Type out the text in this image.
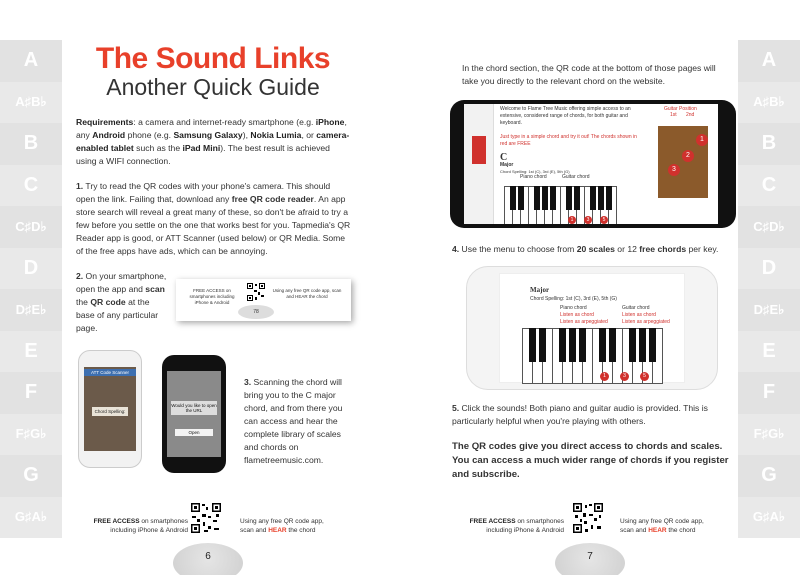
A
A♯B♭
B
C
C♯D♭
D
D♯E♭
E
F
F♯G♭
G
G♯A♭
A
A♯B♭
B
C
C♯D♭
D
D♯E♭
E
F
F♯G♭
G
G♯A♭
The Sound Links
Another Quick Guide
Requirements: a camera and internet-ready smartphone (e.g. iPhone, any Android phone (e.g. Samsung Galaxy), Nokia Lumia, or camera-enabled tablet such as the iPad Mini). The best result is achieved using a WIFI connection.
1. Try to read the QR codes with your phone's camera. This should open the link. Failing that, download any free QR code reader. An app store search will reveal a great many of these, so don't be afraid to try a few before you settle on the one that works best for you. Tapmedia's QR Reader app is good, or ATT Scanner (used below) or QR Media. Some of the free apps have ads, which can be annoying.
2. On your smartphone, open the app and scan the QR code at the base of any particular page.
FREE ACCESS on smartphones including iPhone & Android
Using any free QR code app, scan and HEAR the chord
78
ATT Code Scanner
Chord Spelling:
Would you like to open the URL
Open
3. Scanning the chord will bring you to the C major chord, and from there you can access and hear the complete library of scales and chords on flametreemusic.com.
FREE ACCESS on smartphones
including iPhone & Android
Using any free QR code app,
scan and HEAR the chord
6
In the chord section, the QR code at the bottom of those pages will take you directly to the relevant chord on the website.
Welcome to Flame Tree Music offering simple access to an extensive, considered range of chords, for both guitar and keyboard.
Just type in a simple chord and try it out! The chords shown in red are FREE
C
Major
Chord Spelling: 1st (C), 3rd (E), 5th (G)
Piano chord	Guitar chord
1	3	5
Guitar Position
1st 2nd
1
2
3
4. Use the menu to choose from 20 scales or 12 free chords per key.
Major
Chord Spelling: 1st (C), 3rd (E), 5th (G)
Piano chord
Listen as chord
Listen as arpeggiated
Guitar chord
Listen as chord
Listen as arpeggiated
1	3	5
5. Click the sounds! Both piano and guitar audio is provided. This is particularly helpful when you're playing with others.
The QR codes give you direct access to chords and scales. You can access a much wider range of chords if you register and subscribe.
FREE ACCESS on smartphones
including iPhone & Android
Using any free QR code app,
scan and HEAR the chord
7
